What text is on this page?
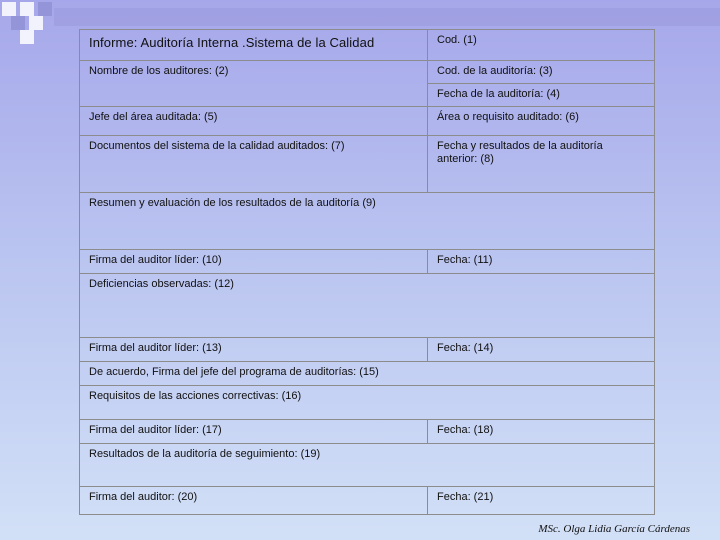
Informe: Auditoría Interna .Sistema de la Calidad	Cod. (1)
Nombre de los auditores: (2)	Cod. de la auditoría: (3)
	Fecha de la auditoría: (4)
Jefe del área auditada: (5)	Área o requisito auditado: (6)
Documentos del sistema de la calidad auditados: (7)	Fecha y resultados de la auditoría anterior: (8)
Resumen y evaluación de los resultados de la auditoría (9)	
Firma del auditor líder: (10)	Fecha: (11)
Deficiencias observadas: (12)	
Firma del auditor líder: (13)	Fecha: (14)
De acuerdo, Firma del jefe del programa de auditorías: (15)	
Requisitos de las acciones correctivas: (16)	
Firma del auditor líder: (17)	Fecha: (18)
Resultados de la auditoría de seguimiento: (19)	
Firma del auditor: (20)	Fecha: (21)
MSc. Olga Lidia García Cárdenas
